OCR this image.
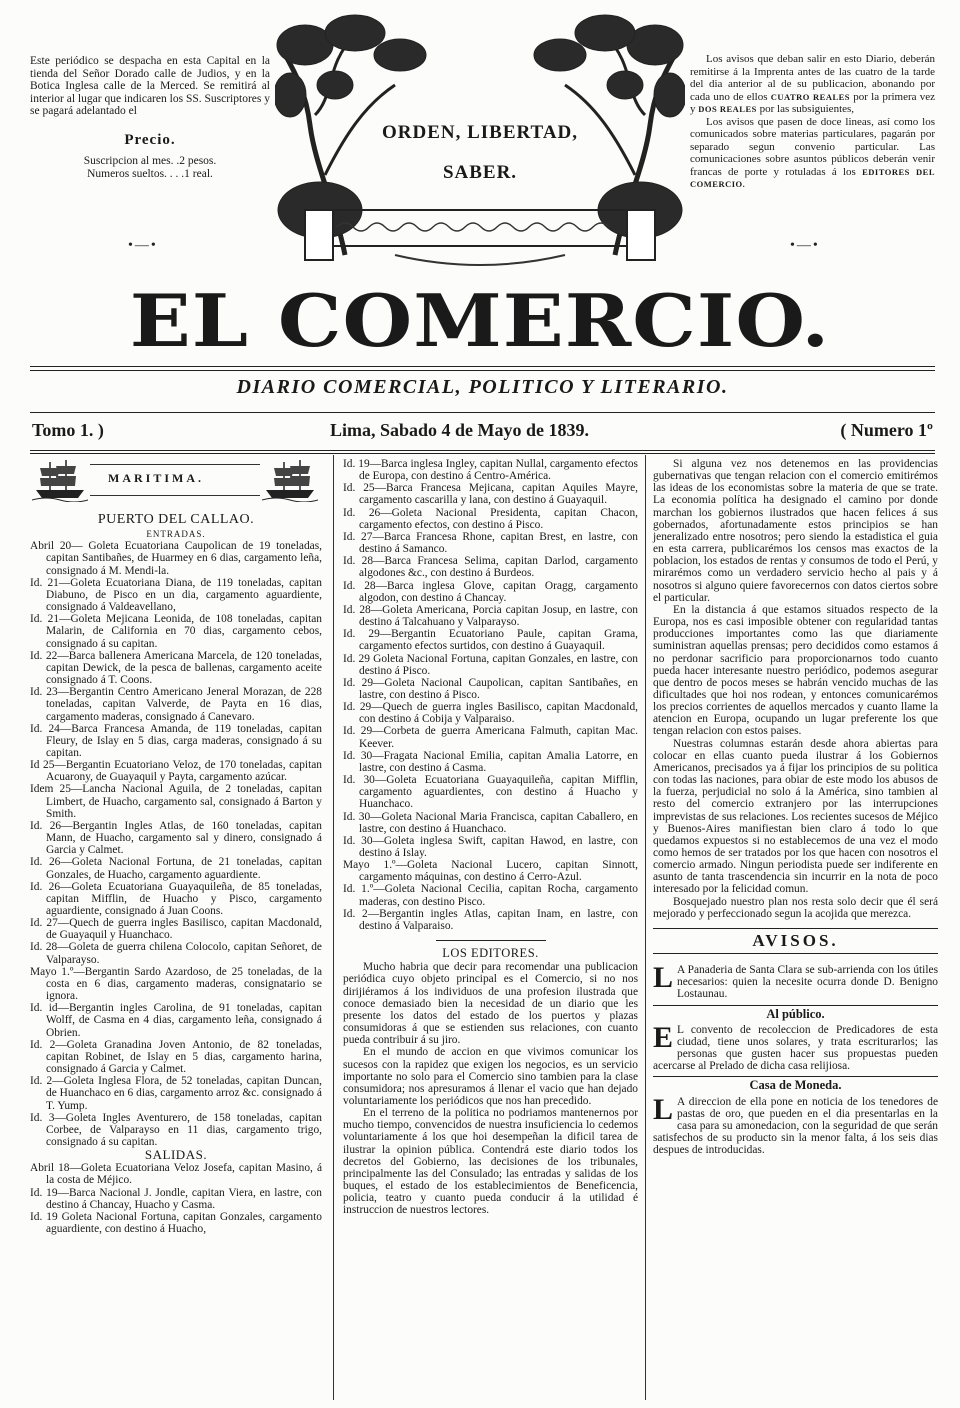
Este periódico se despacha en esta Capital en la tienda del Señor Dorado calle de Judios, y en la Botica Inglesa calle de la Merced. Se remitirá al interior al lugar que indicaren los SS. Suscriptores y se pagará adelantado el
Precio.
Suscripcion al mes. .2 pesos.
Numeros sueltos. . . .1 real.
•—•	•—•
ORDEN, LIBERTAD,
SABER.

Los avisos que deban salir en esto Diario, deberán remitirse á la Imprenta antes de las cuatro de la tarde del dia anterior al de su publicacion, abonando por cada uno de ellos CUATRO REALES por la primera vez y DOS REALES por las subsiguientes,

Los avisos que pasen de doce lineas, así como los comunicados sobre materias particulares, pagarán por separado segun convenio particular. Las comunicaciones sobre asuntos públicos deberán venir francas de porte y rotuladas á los EDITORES DEL COMERCIO.

EL COMERCIO.
DIARIO COMERCIAL, POLITICO Y LITERARIO.
Tomo 1. )	Lima, Sabado 4 de Mayo de 1839.	( Numero 1º
MARITIMA.
PUERTO DEL CALLAO.
ENTRADAS.
Abril 20— Goleta Ecuatoriana Caupolican de 19 toneladas, capitan Santibañes, de Huarmey en 6 dias, cargamento leña, consignado á M. Mendi-la.
Id. 21—Goleta Ecuatoriana Diana, de 119 toneladas, capitan Diabuno, de Pisco en un dia, cargamento aguardiente, consignado á Valdeavellano,
Id. 21—Goleta Mejicana Leonida, de 108 toneladas, capitan Malarin, de California en 70 dias, cargamento cebos, consignado á su capitan.
Id. 22—Barca ballenera Americana Marcela, de 120 toneladas, capitan Dewick, de la pesca de ballenas, cargamento aceite consignado á T. Coons.
Id. 23—Bergantin Centro Americano Jeneral Morazan, de 228 toneladas, capitan Valverde, de Payta en 16 dias, cargamento maderas, consignado á Canevaro.
Id. 24—Barca Francesa Amanda, de 119 toneladas, capitan Fleury, de Islay en 5 dias, carga maderas, consignado á su capitan.
Id 25—Bergantin Ecuatoriano Veloz, de 170 toneladas, capitan Acuarony, de Guayaquil y Payta, cargamento azúcar.
Idem 25—Lancha Nacional Aguila, de 2 toneladas, capitan Limbert, de Huacho, cargamento sal, consignado á Barton y Smith.
Id. 26—Bergantin Ingles Atlas, de 160 toneladas, capitan Mann, de Huacho, cargamento sal y dinero, consignado á Garcia y Calmet.
Id. 26—Goleta Nacional Fortuna, de 21 toneladas, capitan Gonzales, de Huacho, cargamento aguardiente.
Id. 26—Goleta Ecuatoriana Guayaquileña, de 85 toneladas, capitan Mifflin, de Huacho y Pisco, cargamento aguardiente, consignado á Juan Coons.
Id. 27—Quech de guerra ingles Basilisco, capitan Macdonald, de Guayaquil y Huanchaco.
Id. 28—Goleta de guerra chilena Colocolo, capitan Señoret, de Valparayso.
Mayo 1.º—Bergantin Sardo Azardoso, de 25 toneladas, de la costa en 6 dias, cargamento maderas, consignatario se ignora.
Id. id—Bergantin ingles Carolina, de 91 toneladas, capitan Wolff, de Casma en 4 dias, cargamento leña, consignado á Obrien.
Id. 2—Goleta Granadina Joven Antonio, de 82 toneladas, capitan Robinet, de Islay en 5 dias, cargamento harina, consignado á Garcia y Calmet.
Id. 2—Goleta Inglesa Flora, de 52 toneladas, capitan Duncan, de Huanchaco en 6 dias, cargamento arroz &c. consignado á T. Yump.
Id. 3—Goleta Ingles Aventurero, de 158 toneladas, capitan Corbee, de Valparayso en 11 dias, cargamento trigo, consignado á su capitan.
SALIDAS.
Abril 18—Goleta Ecuatoriana Veloz Josefa, capitan Masino, á la costa de Méjico.
Id. 19—Barca Nacional J. Jondle, capitan Viera, en lastre, con destino á Chancay, Huacho y Casma.
Id. 19 Goleta Nacional Fortuna, capitan Gonzales, cargamento aguardiente, con destino á Huacho,
Id. 19—Barca inglesa Ingley, capitan Nullal, cargamento efectos de Europa, con destino á Centro-América.
Id. 25—Barca Francesa Mejicana, capitan Aquiles Mayre, cargamento cascarilla y lana, con destino á Guayaquil.
Id. 26—Goleta Nacional Presidenta, capitan Chacon, cargamento efectos, con destino á Pisco.
Id. 27—Barca Francesa Rhone, capitan Brest, en lastre, con destino á Samanco.
Id. 28—Barca Francesa Selima, capitan Darlod, cargamento algodones &c., con destino á Burdeos.
Id. 28—Barca inglesa Glove, capitan Oragg, cargamento algodon, con destino á Chancay.
Id. 28—Goleta Americana, Porcia capitan Josup, en lastre, con destino á Talcahuano y Valparayso.
Id. 29—Bergantin Ecuatoriano Paule, capitan Grama, cargamento efectos surtidos, con destino á Guayaquil.
Id. 29 Goleta Nacional Fortuna, capitan Gonzales, en lastre, con destino á Pisco.
Id. 29—Goleta Nacional Caupolican, capitan Santibañes, en lastre, con destino á Pisco.
Id. 29—Quech de guerra ingles Basilisco, capitan Macdonald, con destino á Cobija y Valparaiso.
Id. 29—Corbeta de guerra Americana Falmuth, capitan Mac. Keever.
Id. 30—Fragata Nacional Emilia, capitan Amalia Latorre, en lastre, con destino á Casma.
Id. 30—Goleta Ecuatoriana Guayaquileña, capitan Mifflin, cargamento aguardientes, con destino á Huacho y Huanchaco.
Id. 30—Goleta Nacional Maria Francisca, capitan Caballero, en lastre, con destino á Huanchaco.
Id. 30—Goleta inglesa Swift, capitan Hawod, en lastre, con destino á Islay.
Mayo 1.º—Goleta Nacional Lucero, capitan Sinnott, cargamento máquinas, con destino á Cerro-Azul.
Id. 1.º—Goleta Nacional Cecilia, capitan Rocha, cargamento maderas, con destino Pisco.
Id. 2—Bergantin ingles Atlas, capitan Inam, en lastre, con destino á Valparaiso.
LOS EDITORES.
Mucho habria que decir para recomendar una publicacion periódica cuyo objeto principal es el Comercio, si no nos dirijiéramos á los individuos de una profesion ilustrada que conoce demasiado bien la necesidad de un diario que les presente los datos del estado de los puertos y plazas consumidoras á que se estienden sus relaciones, con cuanto pueda contribuir á su jiro.
En el mundo de accion en que vivimos comunicar los sucesos con la rapidez que exigen los negocios, es un servicio importante no solo para el Comercio sino tambien para la clase consumidora; nos apresuramos á llenar el vacio que han dejado voluntariamente los periódicos que nos han precedido.
En el terreno de la politica no podriamos mantenernos por mucho tiempo, convencidos de nuestra insuficiencia lo cedemos voluntariamente á los que hoi desempeñan la dificil tarea de ilustrar la opinion pública. Contendrá este diario todos los decretos del Gobierno, las decisiones de los tribunales, principalmente las del Consulado; las entradas y salidas de los buques, el estado de los establecimientos de Beneficencia, policia, teatro y cuanto pueda conducir á la utilidad é instruccion de nuestros lectores.
Si alguna vez nos detenemos en las providencias gubernativas que tengan relacion con el comercio emitirémos las ideas de los economistas sobre la materia de que se trate. La economia política ha designado el camino por donde marchan los gobiernos ilustrados que hacen felices á sus gobernados, afortunadamente estos principios se han jeneralizado entre nosotros; pero siendo la estadistica el guia en esta carrera, publicarémos los censos mas exactos de la poblacion, los estados de rentas y consumos de todo el Perú, y mirarémos como un verdadero servicio hecho al pais y á nosotros si alguno quiere favorecernos con datos ciertos sobre el particular.
En la distancia á que estamos situados respecto de la Europa, nos es casi imposible obtener con regularidad tantas producciones importantes como las que diariamente suministran aquellas prensas; pero decididos como estamos á no perdonar sacrificio para proporcionarnos todo cuanto pueda hacer interesante nuestro periódico, podemos asegurar que dentro de pocos meses se habrán vencido muchas de las dificultades que hoi nos rodean, y entonces comunicarémos los precios corrientes de aquellos mercados y cuanto llame la atencion en Europa, ocupando un lugar preferente los que tengan relacion con estos paises.
Nuestras columnas estarán desde ahora abiertas para colocar en ellas cuanto pueda ilustrar á los Gobiernos Americanos, precisados ya á fijar los principios de su politica con todas las naciones, para obiar de este modo los abusos de la fuerza, perjudicial no solo á la América, sino tambien al resto del comercio extranjero por las interrupciones imprevistas de sus relaciones. Los recientes sucesos de Méjico y Buenos-Aires manifiestan bien claro á todo lo que quedamos expuestos si no establecemos de una vez el modo como hemos de ser tratados por los que hacen con nosotros el comercio armado. Ningun periodista puede ser indiferente en asunto de tanta trascendencia sin incurrir en la nota de poco interesado por la felicidad comun.
Bosquejado nuestro plan nos resta solo decir que él será mejorado y perfeccionado segun la acojida que merezca.
AVISOS.
L A Panaderia de Santa Clara se sub-arrienda con los útiles necesarios: quien la necesite ocurra donde D. Benigno Lostaunau.
Al público.
E L convento de recoleccion de Predicadores de esta ciudad, tiene unos solares, y trata escriturarlos; las personas que gusten hacer sus propuestas pueden acercarse al Prelado de dicha casa relijiosa.
Casa de Moneda.
L A direccion de ella pone en noticia de los tenedores de pastas de oro, que pueden en el dia presentarlas en la casa para su amonedacion, con la seguridad de que serán satisfechos de su producto sin la menor falta, á los seis dias despues de introducidas.
